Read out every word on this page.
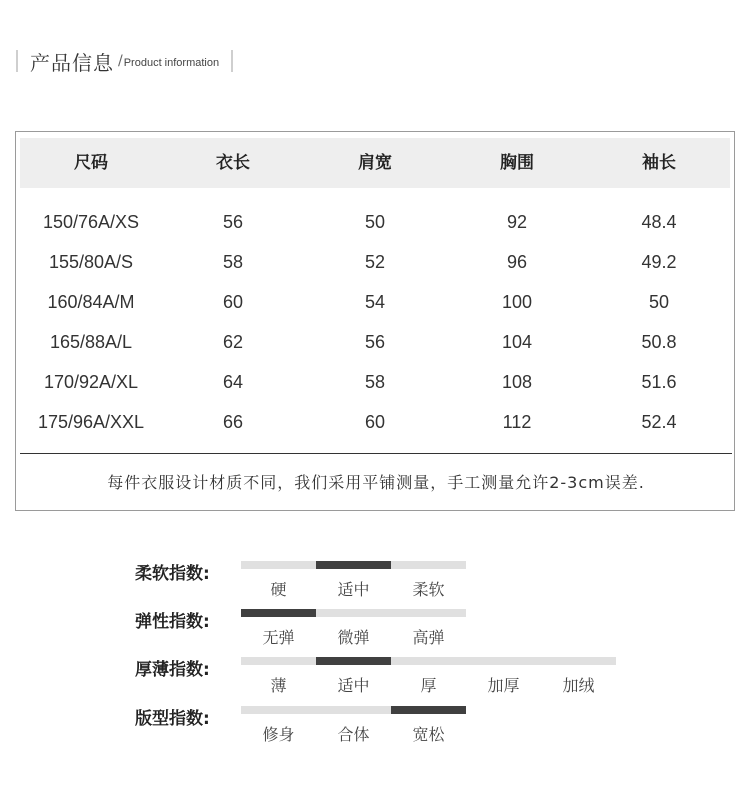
产品信息 / Product information
尺码	衣长	肩宽	胸围	袖长
150/76A/XS	56	50	92	48.4
155/80A/S	58	52	96	49.2
160/84A/M	60	54	100	50
165/88A/L	62	56	104	50.8
170/92A/XL	64	58	108	51.6
175/96A/XXL	66	60	112	52.4
每件衣服设计材质不同，我们采用平铺测量，手工测量允许2-3cm误差.
柔软指数:
硬	适中	柔软
弹性指数:
无弹	微弹	高弹
厚薄指数:
薄	适中	厚	加厚	加绒
版型指数:
修身	合体	宽松
